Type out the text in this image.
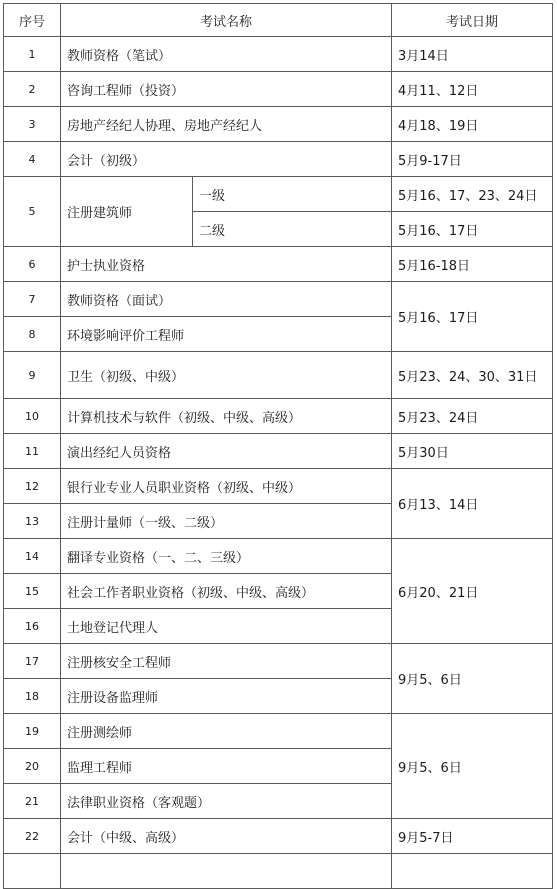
序号	考试名称		考试日期
1	教师资格（笔试）		3月14日
2	咨询工程师（投资）		4月11、12日
3	房地产经纪人协理、房地产经纪人		4月18、19日
4	会计（初级）		5月9-17日
5	注册建筑师	一级	5月16、17、23、24日
		二级	5月16、17日
6	护士执业资格		5月16-18日
7	教师资格（面试）		5月16、17日
8	环境影响评价工程师		
9	卫生（初级、中级）		5月23、24、30、31日
10	计算机技术与软件（初级、中级、高级）		5月23、24日
11	演出经纪人员资格		5月30日
12	银行业专业人员职业资格（初级、中级）		6月13、14日
13	注册计量师（一级、二级）		
14	翻译专业资格（一、二、三级）		6月20、21日
15	社会工作者职业资格（初级、中级、高级）		
16	土地登记代理人		
17	注册核安全工程师		9月5、6日
18	注册设备监理师		
19	注册测绘师		9月5、6日
20	监理工程师		
21	法律职业资格（客观题）		
22	会计（中级、高级）		9月5-7日
